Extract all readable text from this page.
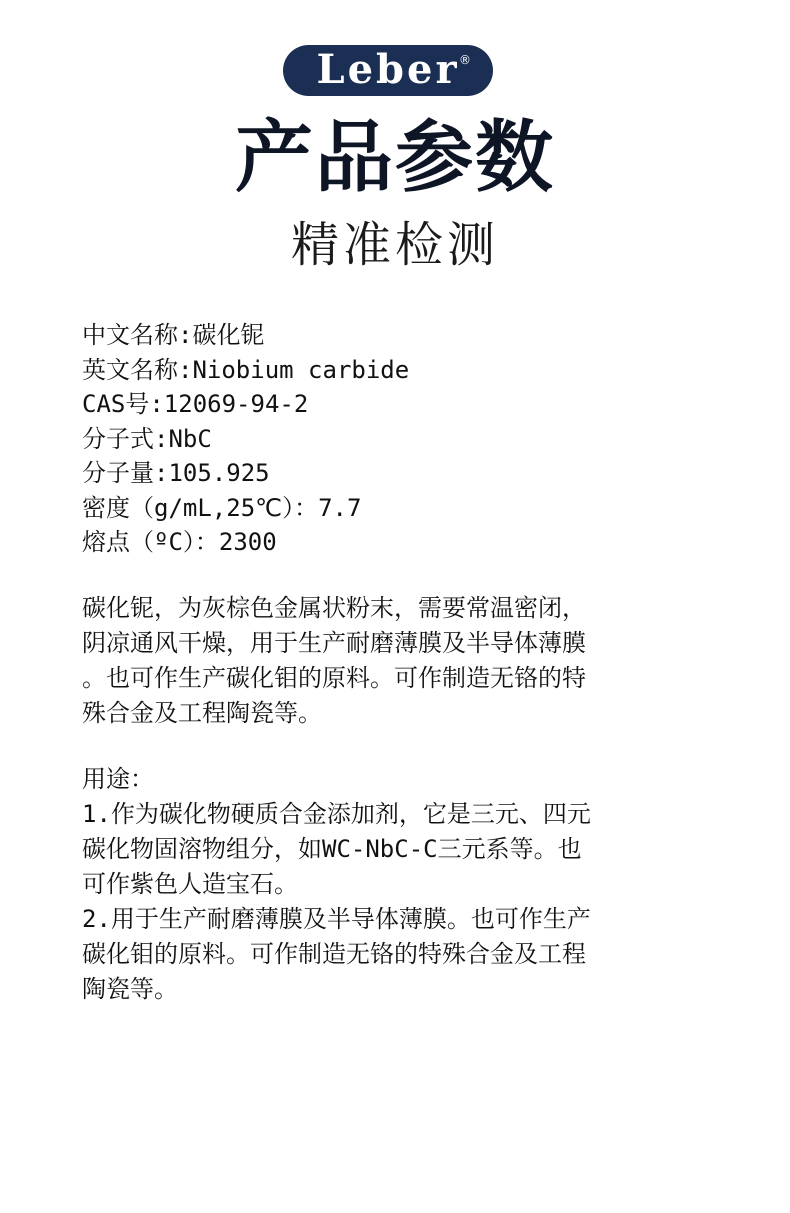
Leber ®
产品参数
精准检测
中文名称:碳化铌
英文名称:Niobium carbide
CAS号:12069-94-2
分子式:NbC
分子量:105.925
密度（g/mL,25℃）：7.7
熔点（ºC）：2300

碳化铌，为灰棕色金属状粉末，需要常温密闭，

阴凉通风干燥，用于生产耐磨薄膜及半导体薄膜

。也可作生产碳化钼的原料。可作制造无铬的特

殊合金及工程陶瓷等。

用途：

1.作为碳化物硬质合金添加剂，它是三元、四元

碳化物固溶物组分，如WC-NbC-C三元系等。也

可作紫色人造宝石。

2.用于生产耐磨薄膜及半导体薄膜。也可作生产

碳化钼的原料。可作制造无铬的特殊合金及工程

陶瓷等。
